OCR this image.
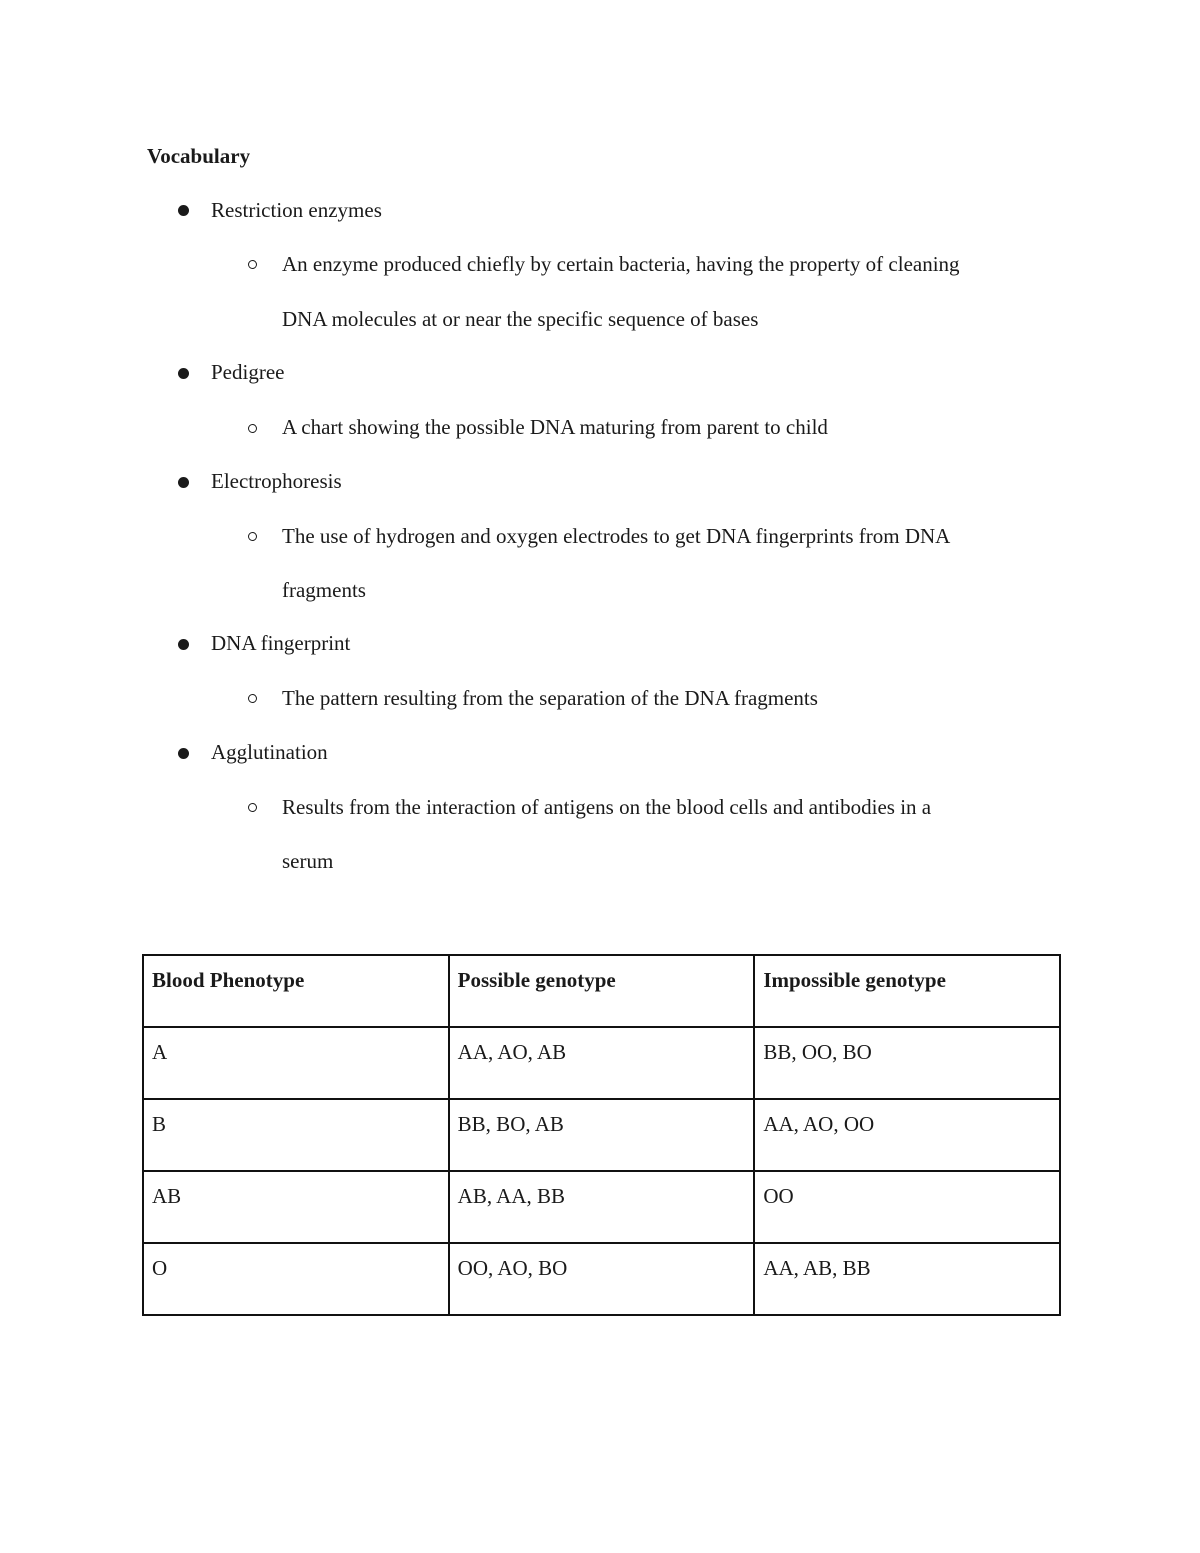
Vocabulary
Restriction enzymes
An enzyme produced chiefly by certain bacteria, having the property of cleaning
DNA molecules at or near the specific sequence of bases
Pedigree
A chart showing the possible DNA maturing from parent to child
Electrophoresis
The use of hydrogen and oxygen electrodes to get DNA fingerprints from DNA
fragments
DNA fingerprint
The pattern resulting from the separation of the DNA fragments
Agglutination
Results from the interaction of antigens on the blood cells and antibodies in a
serum
Blood Phenotype	Possible genotype	Impossible genotype
A	AA, AO, AB	BB, OO, BO
B	BB, BO, AB	AA, AO, OO
AB	AB, AA, BB	OO
O	OO, AO, BO	AA, AB, BB
